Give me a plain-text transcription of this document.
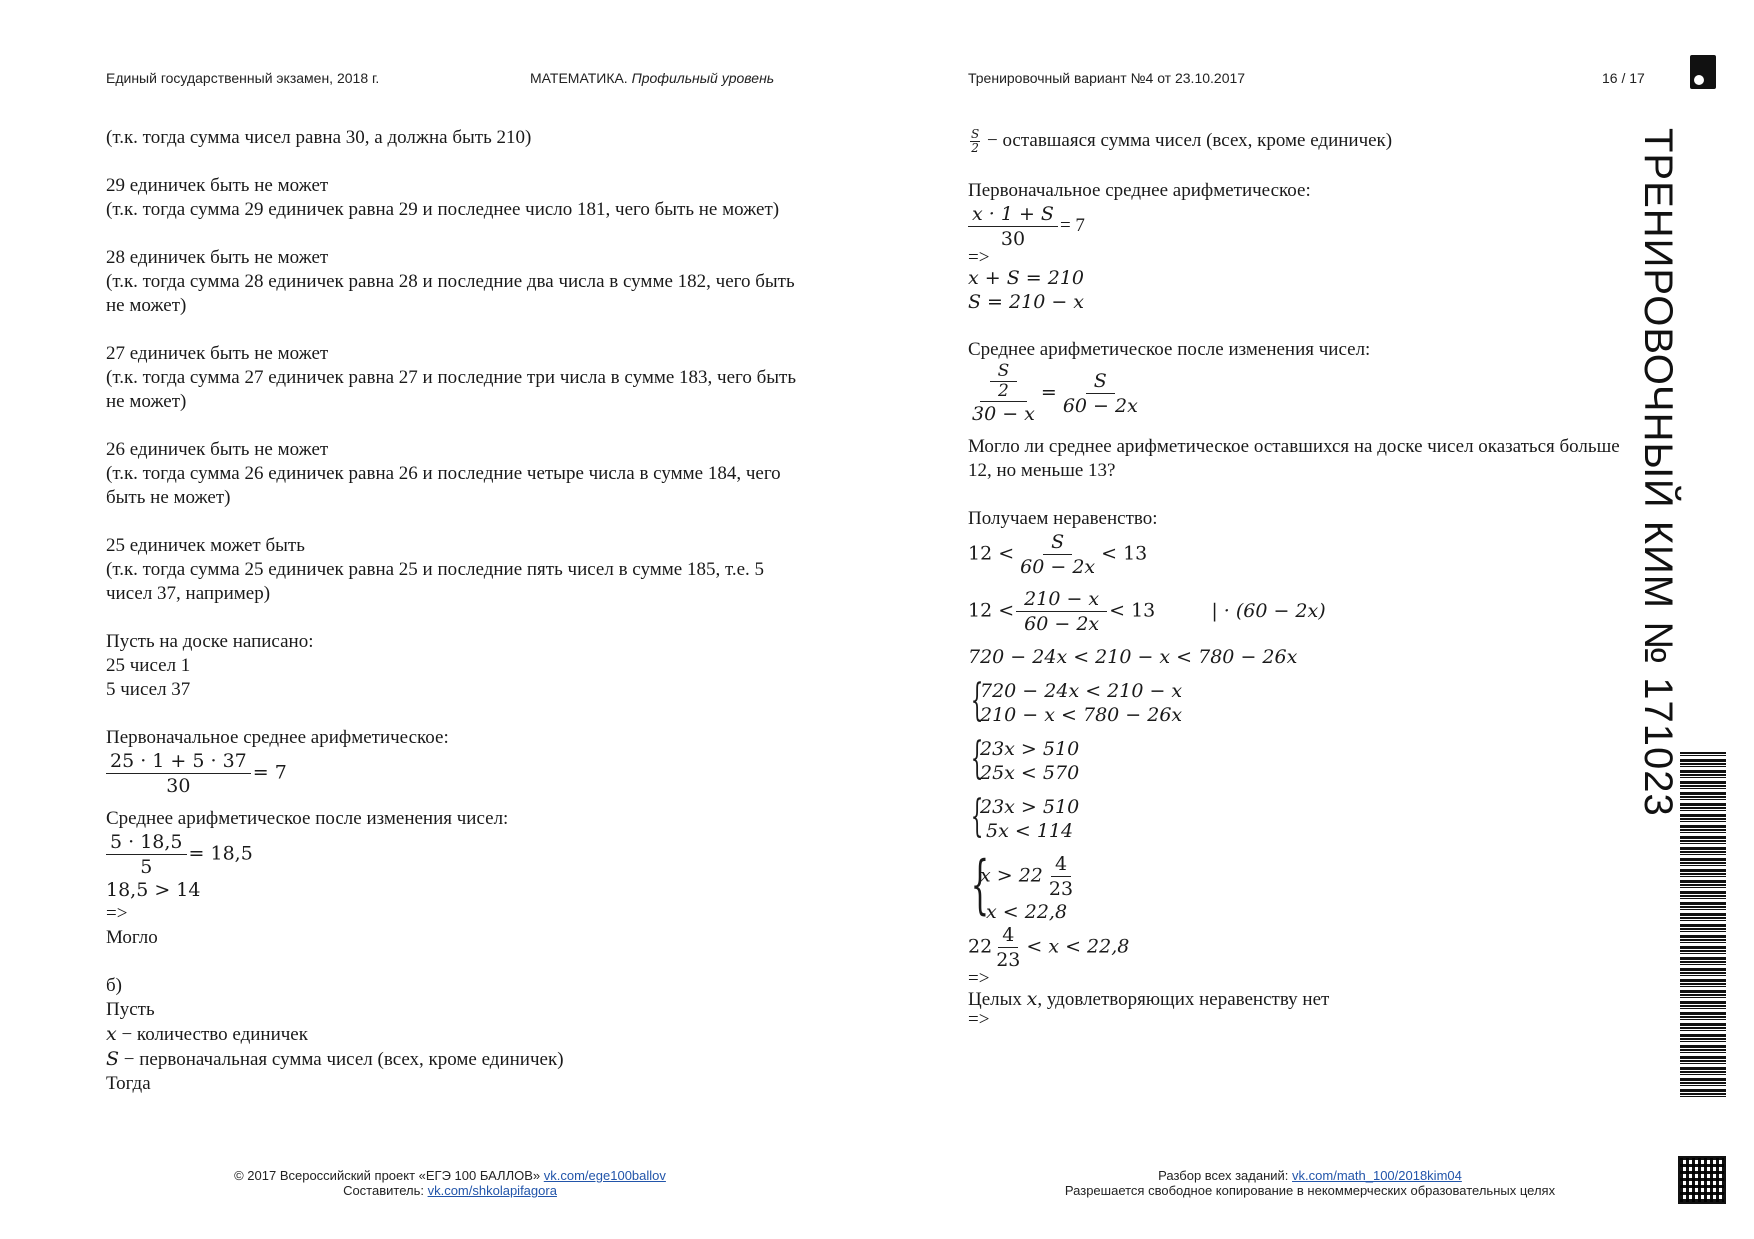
Единый государственный экзамен, 2018 г.	МАТЕМАТИКА. Профильный уровень	Тренировочный вариант №4 от 23.10.2017	16 / 17

(т.к. тогда сумма чисел равна 30, а должна быть 210)

29 единичек быть не может

(т.к. тогда сумма 29 единичек равна 29 и последнее число 181, чего быть не может)

28 единичек быть не может

(т.к. тогда сумма 28 единичек равна 28 и последние два числа в сумме 182, чего быть не может)

27 единичек быть не может

(т.к. тогда сумма 27 единичек равна 27 и последние три числа в сумме 183, чего быть не может)

26 единичек быть не может

(т.к. тогда сумма 26 единичек равна 26 и последние четыре числа в сумме 184, чего быть не может)

25 единичек может быть

(т.к. тогда сумма 25 единичек равна 25 и последние пять чисел в сумме 185, т.е. 5 чисел 37, например)

Пусть на доске написано:

25 чисел 1

5 чисел 37

Первоначальное среднее арифметическое:

$\frac{25 \cdot 1 + 5 \cdot 37}{30} = 7$

Среднее арифметическое после изменения чисел:

$\frac{5 \cdot 18,5}{5} = 18,5$

18,5 > 14

=>

Могло

б)

Пусть

x − количество единичек

S − первоначальная сумма чисел (всех, кроме единичек)

Тогда

$\frac{S}{2}$ − оставшаяся сумма чисел (всех, кроме единичек)

Первоначальное среднее арифметическое:

$\frac{x \cdot 1 + S}{30} = 7$

=>

x + S = 210

S = 210 − x

Среднее арифметическое после изменения чисел:

$\frac{\frac{S}{2}}{30 - x} = \frac{S}{60 - 2x}$

Могло ли среднее арифметическое оставшихся на доске чисел оказаться больше 12, но меньше 13?

Получаем неравенство:

$12 < \frac{S}{60 - 2x} < 13$
$12 < \frac{210 - x}{60 - 2x} < 13$	| · (60 − 2x)

720 − 24x < 210 − x < 780 − 26x

{
720 − 24x < 210 − x
210 − x < 780 − 26x
{
23x > 510
25x < 570
{
23x > 510
5x < 114
{
$x > 22 \frac{4}{23}$
x < 22,8
$22 \frac{4}{23} < x < 22,8$

=>

Целых x, удовлетворяющих неравенству нет

=>

ТРЕНИРОВОЧНЫЙ КИМ № 171023
© 2017 Всероссийский проект «ЕГЭ 100 БАЛЛОВ» vk.com/ege100ballov
Составитель: vk.com/shkolapifagora
Разбор всех заданий: vk.com/math_100/2018kim04
Разрешается свободное копирование в некоммерческих образовательных целях
